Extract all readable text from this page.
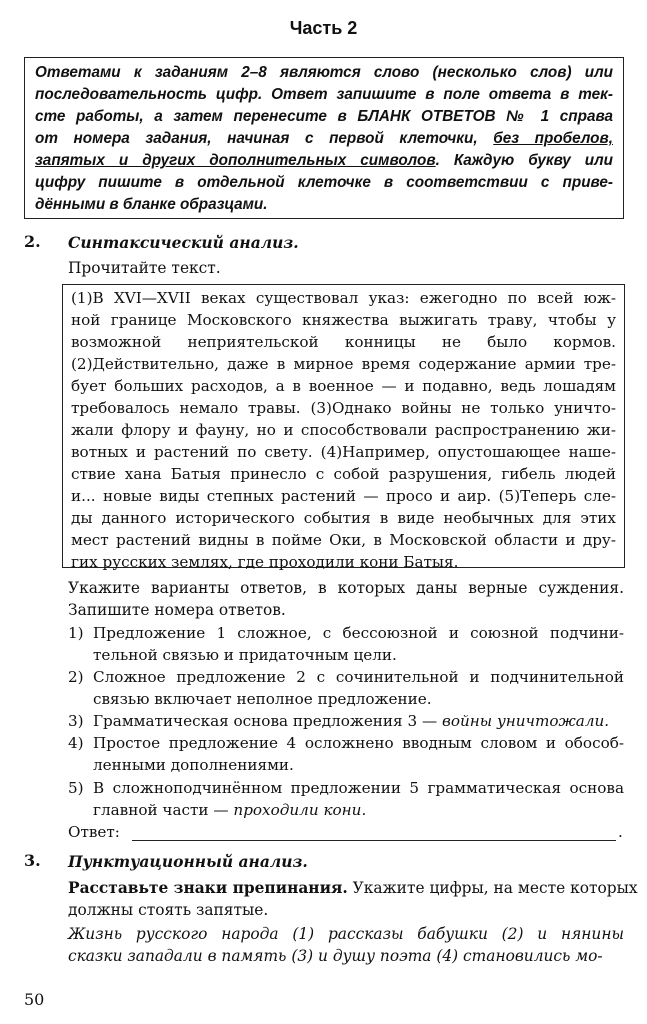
Часть 2
Ответами к заданиям 2–8 являются слово (несколько слов) или
последовательность цифр. Ответ запишите в поле ответа в тек-
сте работы, а затем перенесите в БЛАНК ОТВЕТОВ № 1 справа
от номера задания, начиная с первой клеточки, без пробелов,
запятых и других дополнительных символов. Каждую букву или
цифру пишите в отдельной клеточке в соответствии с приве-
дёнными в бланке образцами.
2. Синтаксический анализ.
Прочитайте текст.
(1)В XVI—XVII веках существовал указ: ежегодно по всей юж-
ной границе Московского княжества выжигать траву, чтобы у
возможной неприятельской конницы не было кормов.
(2)Действительно, даже в мирное время содержание армии тре-
бует больших расходов, а в военное — и подавно, ведь лошадям
требовалось немало травы. (3)Однако войны не только уничто-
жали флору и фауну, но и способствовали распространению жи-
вотных и растений по свету. (4)Например, опустошающее наше-
ствие хана Батыя принесло с собой разрушения, гибель людей
и... новые виды степных растений — просо и аир. (5)Теперь сле-
ды данного исторического события в виде необычных для этих
мест растений видны в пойме Оки, в Московской области и дру-
гих русских землях, где проходили кони Батыя.
Укажите варианты ответов, в которых даны верные суждения.
Запишите номера ответов.
1) Предложение 1 сложное, с бессоюзной и союзной подчини-
тельной связью и придаточным цели.
2) Сложное предложение 2 с сочинительной и подчинительной
связью включает неполное предложение.
3) Грамматическая основа предложения 3 — войны уничтожали.
4) Простое предложение 4 осложнено вводным словом и обособ-
ленными дополнениями.
5) В сложноподчинённом предложении 5 грамматическая основа
главной части — проходили кони.
Ответ:	.
3. Пунктуационный анализ.
Расставьте знаки препинания. Укажите цифры, на месте которых
должны стоять запятые.
Жизнь русского народа (1) рассказы бабушки (2) и нянины
сказки западали в память (3) и душу поэта (4) становились мо-
50
